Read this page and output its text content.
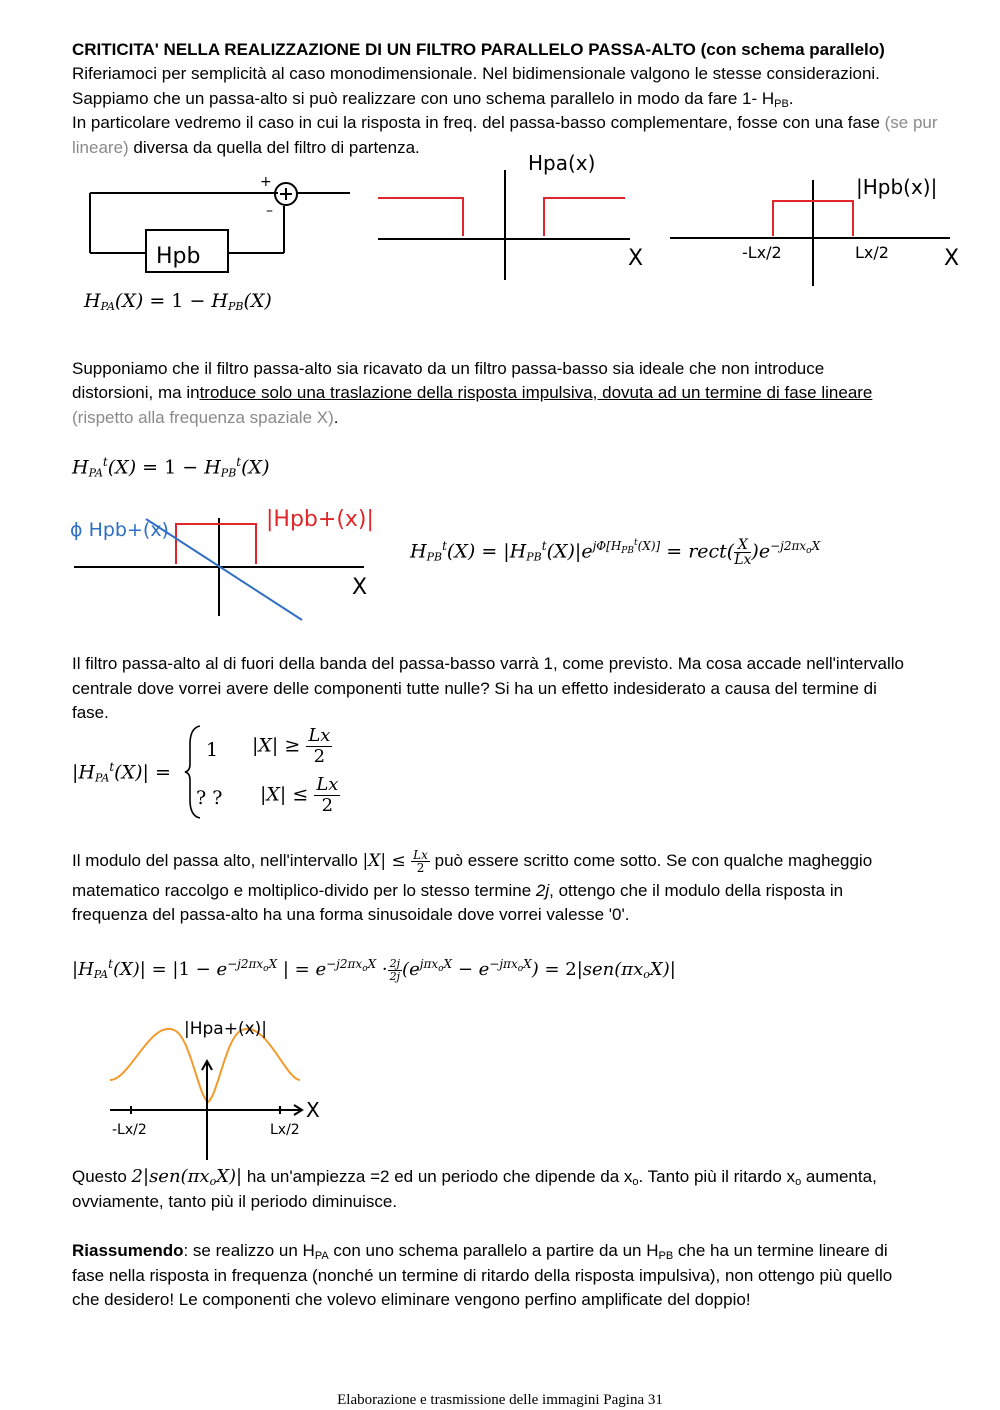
CRITICITA' NELLA REALIZZAZIONE DI UN FILTRO PARALLELO PASSA-ALTO (con schema parallelo)

Riferiamoci per semplicità al caso monodimensionale. Nel bidimensionale valgono le stesse considerazioni.

Sappiamo che un passa-alto si può realizzare con uno schema parallelo in modo da fare 1- $H_{PB}$.

In particolare vedremo il caso in cui la risposta in freq. del passa-basso complementare, fosse con una fase (se pur lineare) diversa da quella del filtro di partenza.

Hpb
+
–
Hpa(x)
X
|Hpb(x)|
X
-Lx/2	Lx/2
$H_{PA}(X) = 1 - H_{PB}(X)$

Supponiamo che il filtro passa-alto sia ricavato da un filtro passa-basso sia ideale che non introduce

distorsioni, ma introduce solo una traslazione della risposta impulsiva, dovuta ad un termine di fase lineare

(rispetto alla frequenza spaziale X).

$H_{PA}^t(X) = 1 - H_{PB}^t(X)$
ϕ Hpb+(x)	|Hpb+(x)|
X
$H_{PB}^t(X) = |H_{PB}^t(X)|e^{j\Phi[H_{PB}^t(X)]}$ = rect( $\frac{X}{Lx} )e^{-j2\pi x_oX}$

Il filtro passa-alto al di fuori della banda del passa-basso varrà 1, come previsto. Ma cosa accade nell'intervallo

centrale dove vorrei avere delle componenti tutte nulle? Si ha un effetto indesiderato a causa del termine di

fase.

$|H_{PA}^t(X)|$ =
1 $|X| \ge \frac{Lx}{2}$
? ? $|X| \le \frac{Lx}{2}$

Il modulo del passa alto, nell'intervallo $|X| \le \frac{Lx}{2}$ può essere scritto come sotto. Se con qualche magheggio

matematico raccolgo e moltiplico-divido per lo stesso termine 2j, ottengo che il modulo della risposta in

frequenza del passa-alto ha una forma sinusoidale dove vorrei valesse '0'.

$|H_{PA}^t(X)| = |1 - e^{-j2\pi x_oX}$ | = $e^{-j2\pi x_oX} \cdot \frac{2j}{2j} (e^{j\pi x_oX} - e^{-j\pi x_oX}) = 2|sen(\pi x_oX)|$
|Hpa+(x)|
X
-Lx/2	Lx/2

Questo $2|sen(\pi x_oX)|$ ha un'ampiezza =2 ed un periodo che dipende da $x_o$. Tanto più il ritardo $x_o$ aumenta,

ovviamente, tanto più il periodo diminuisce.

Riassumendo: se realizzo un $H_{PA}$ con uno schema parallelo a partire da un $H_{PB}$ che ha un termine lineare di

fase nella risposta in frequenza (nonché un termine di ritardo della risposta impulsiva), non ottengo più quello

che desidero! Le componenti che volevo eliminare vengono perfino amplificate del doppio!

Elaborazione e trasmissione delle immagini Pagina 31
